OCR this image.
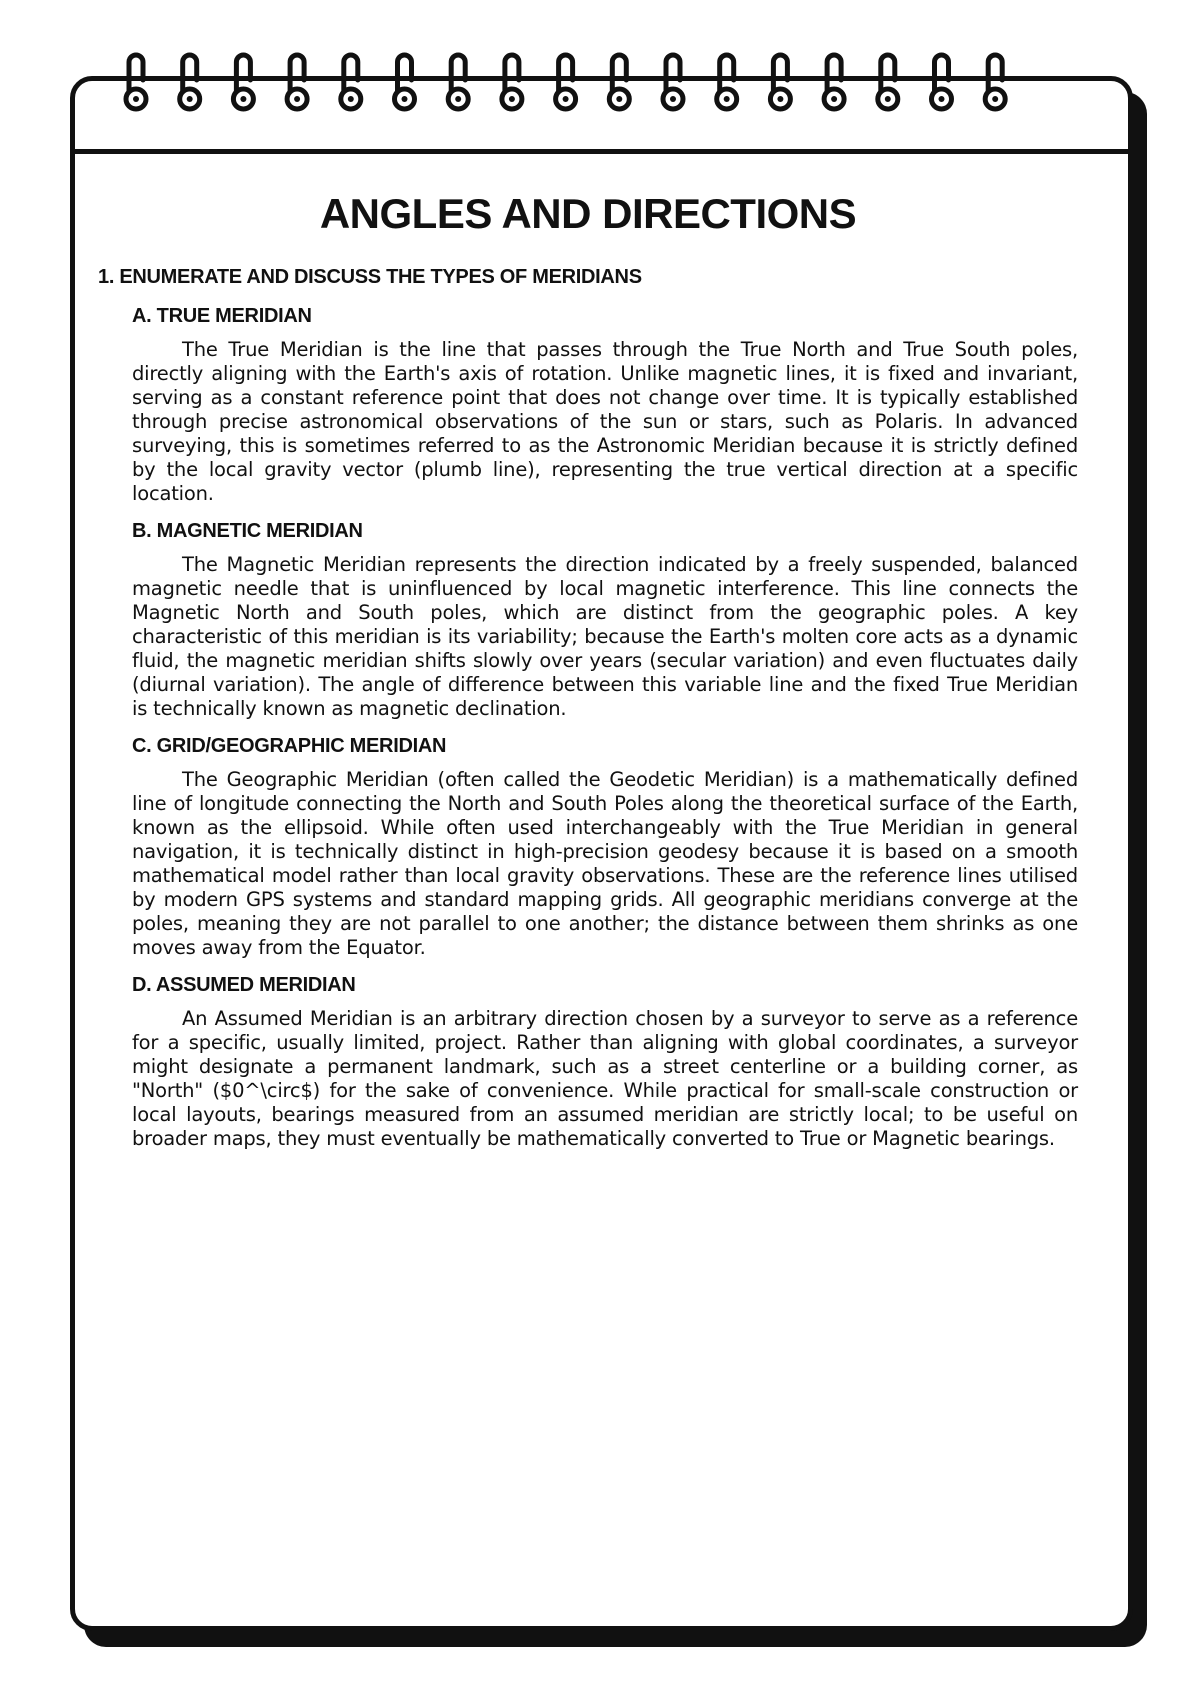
ANGLES AND DIRECTIONS
1. ENUMERATE AND DISCUSS THE TYPES OF MERIDIANS
A. TRUE MERIDIAN

The True Meridian is the line that passes through the True North and True South poles, directly aligning with the Earth's axis of rotation. Unlike magnetic lines, it is fixed and invariant, serving as a constant reference point that does not change over time. It is typically established through precise astronomical observations of the sun or stars, such as Polaris. In advanced surveying, this is sometimes referred to as the Astronomic Meridian because it is strictly defined by the local gravity vector (plumb line), representing the true vertical direction at a specific location.

B. MAGNETIC MERIDIAN

The Magnetic Meridian represents the direction indicated by a freely suspended, balanced magnetic needle that is uninfluenced by local magnetic interference. This line connects the Magnetic North and South poles, which are distinct from the geographic poles. A key characteristic of this meridian is its variability; because the Earth's molten core acts as a dynamic fluid, the magnetic meridian shifts slowly over years (secular variation) and even fluctuates daily (diurnal variation). The angle of difference between this variable line and the fixed True Meridian is technically known as magnetic declination.

C. GRID/GEOGRAPHIC MERIDIAN

The Geographic Meridian (often called the Geodetic Meridian) is a mathematically defined line of longitude connecting the North and South Poles along the theoretical surface of the Earth, known as the ellipsoid. While often used interchangeably with the True Meridian in general navigation, it is technically distinct in high-precision geodesy because it is based on a smooth mathematical model rather than local gravity observations. These are the reference lines utilised by modern GPS systems and standard mapping grids. All geographic meridians converge at the poles, meaning they are not parallel to one another; the distance between them shrinks as one moves away from the Equator.

D. ASSUMED MERIDIAN

An Assumed Meridian is an arbitrary direction chosen by a surveyor to serve as a reference for a specific, usually limited, project. Rather than aligning with global coordinates, a surveyor might designate a permanent landmark, such as a street centerline or a building corner, as "North" ($0^\circ$) for the sake of convenience. While practical for small-scale construction or local layouts, bearings measured from an assumed meridian are strictly local; to be useful on broader maps, they must eventually be mathematically converted to True or Magnetic bearings.
